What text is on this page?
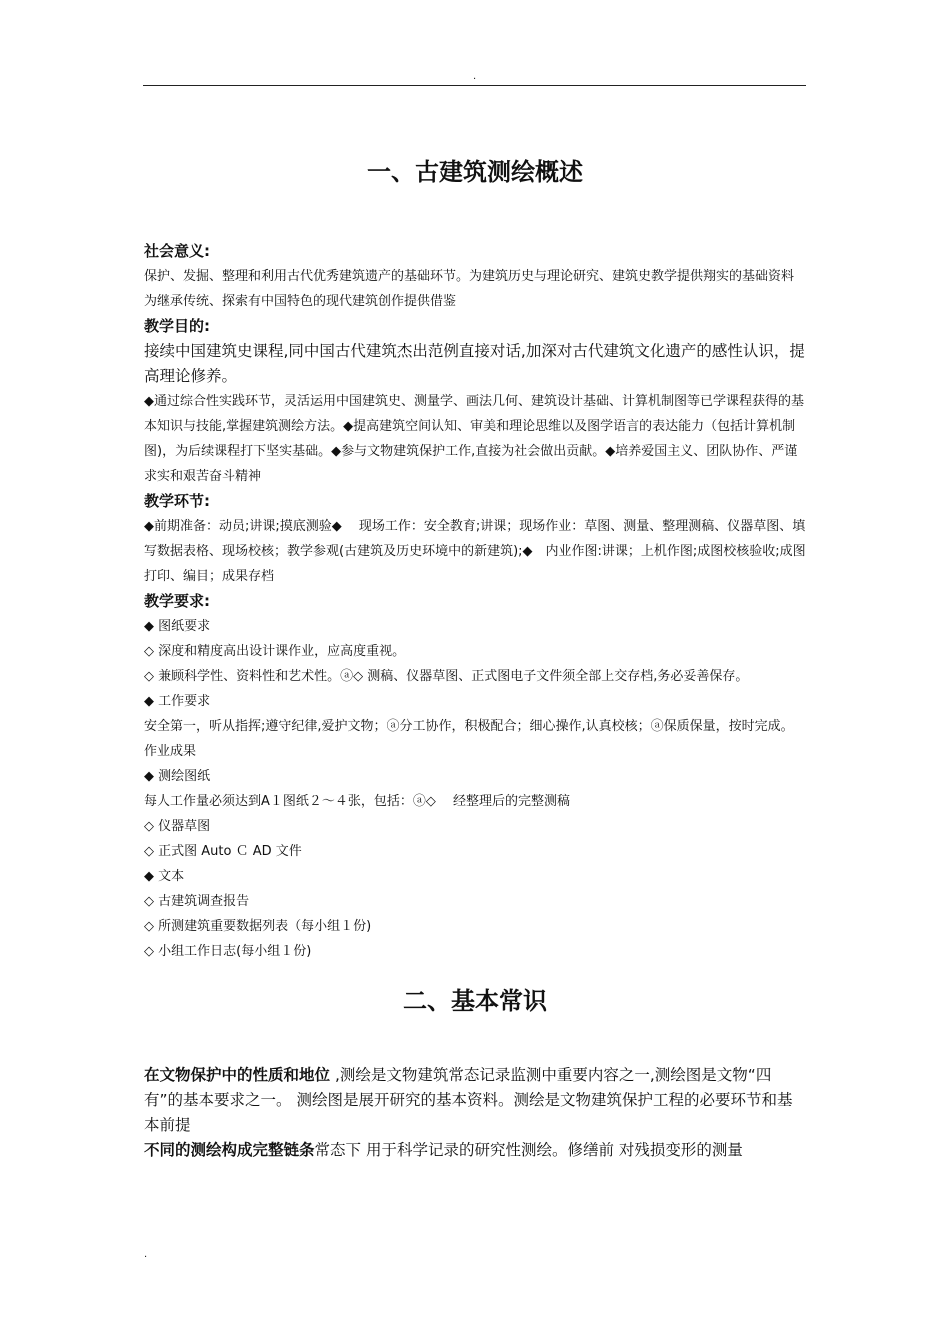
.
一、古建筑测绘概述

社会意义:

保护、发掘、整理和利用古代优秀建筑遗产的基础环节。为建筑历史与理论研究、建筑史教学提供翔实的基础资料为继承传统、探索有中国特色的现代建筑创作提供借鉴

教学目的:

接续中国建筑史课程,同中国古代建筑杰出范例直接对话,加深对古代建筑文化遗产的感性认识，提高理论修养。

◆通过综合性实践环节，灵活运用中国建筑史、测量学、画法几何、建筑设计基础、计算机制图等已学课程获得的基本知识与技能,掌握建筑测绘方法。◆提高建筑空间认知、审美和理论思维以及图学语言的表达能力（包括计算机制图)，为后续课程打下坚实基础。◆参与文物建筑保护工作,直接为社会做出贡献。◆培养爱国主义、团队协作、严谨求实和艰苦奋斗精神

教学环节:

◆前期准备：动员;讲课;摸底测验◆　 现场工作：安全教育;讲课；现场作业：草图、测量、整理测稿、仪器草图、填写数据表格、现场校核；教学参观(古建筑及历史环境中的新建筑);◆　内业作图:讲课；上机作图;成图校核验收;成图打印、编目；成果存档

教学要求:

◆ 图纸要求

◇ 深度和精度高出设计课作业，应高度重视。

◇ 兼顾科学性、资料性和艺术性。ⓐ◇ 测稿、仪器草图、正式图电子文件须全部上交存档,务必妥善保存。

◆ 工作要求

安全第一，听从指挥;遵守纪律,爱护文物；ⓐ分工协作，积极配合；细心操作,认真校核；ⓐ保质保量，按时完成。

作业成果

◆ 测绘图纸

每人工作量必须达到A１图纸２～４张，包括：ⓐ◇　 经整理后的完整测稿

◇ 仪器草图

◇ 正式图 Auto Ｃ AD 文件

◆ 文本

◇ 古建筑调查报告

◇ 所测建筑重要数据列表（每小组１份)

◇ 小组工作日志(每小组１份)

二、基本常识

在文物保护中的性质和地位 ,测绘是文物建筑常态记录监测中重要内容之一,测绘图是文物“四有”的基本要求之一。 测绘图是展开研究的基本资料。测绘是文物建筑保护工程的必要环节和基本前提

不同的测绘构成完整链条常态下 用于科学记录的研究性测绘。修缮前 对残损变形的测量

.
